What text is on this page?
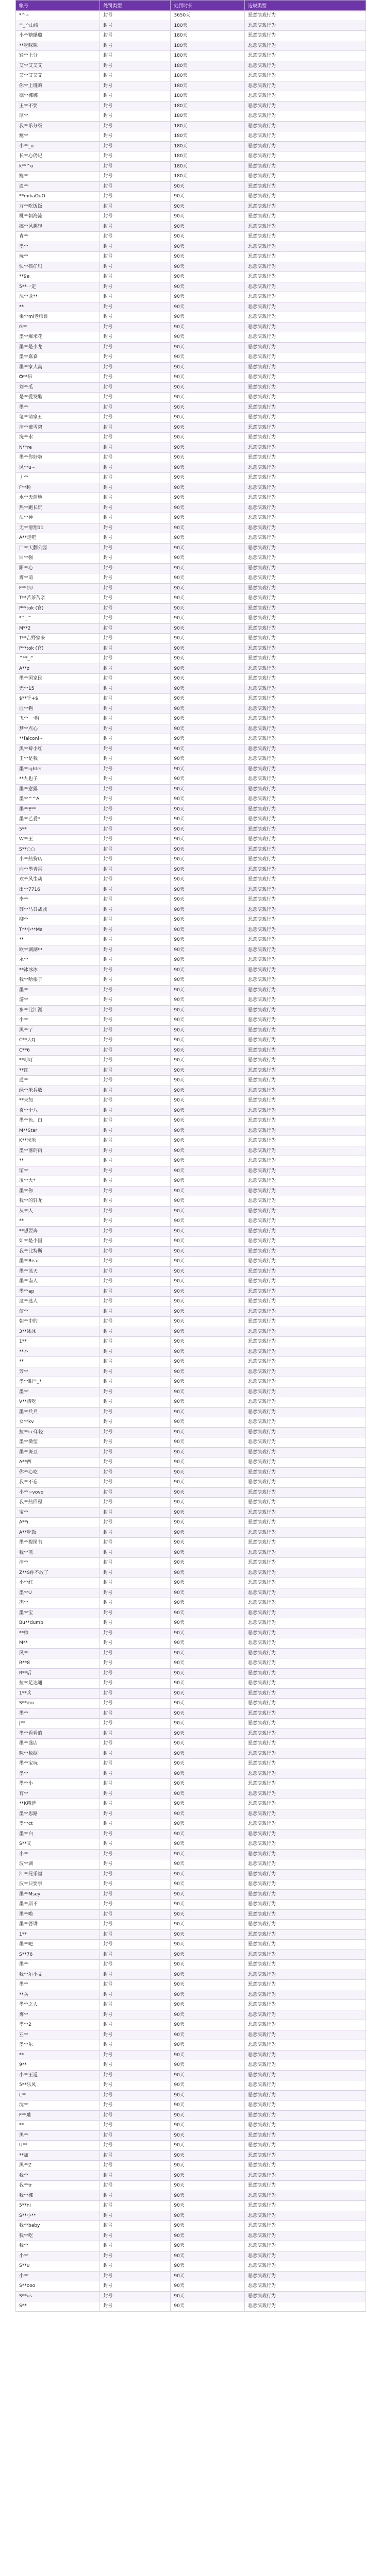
帐号	处罚类型	处罚时长	违规类型
*^∽	封号	3650天	恶意演戏行为
^_^山楂	封号	180天	恶意演戏行为
小**糖璐璐	封号	180天	恶意演戏行为
**吃咪咪	封号	180天	恶意演戏行为
轻**上分	封号	180天	恶意演戏行为
艾**艾艾艾	封号	180天	恶意演戏行为
艾**艾艾艾	封号	180天	恶意演戏行为
你**上班嘛	封号	180天	恶意演戏行为
德**娜娜	封号	180天	恶意演戏行为
王**不要	封号	180天	恶意演戏行为
厚**	封号	180天	恶意演戏行为
我**乐分级	封号	180天	恶意演戏行为
鲍**	封号	180天	恶意演戏行为
小**_o	封号	180天	恶意演戏行为
长**心仍记	封号	180天	恶意演戏行为
k**^o	封号	180天	恶意演戏行为
鲍**	封号	180天	恶意演戏行为
逍**	封号	90天	恶意演戏行为
**mikaOuO	封号	90天	恶意演戏行为
万**吃饭饭	封号	90天	恶意演戏行为
桃**朝海流	封号	90天	恶意演戏行为
搞**风趣轻	封号	90天	恶意演戏行为
青**	封号	90天	恶意演戏行为
墨**	封号	90天	恶意演戏行为
玩**	封号	90天	恶意演戏行为
快**孩仔玛	封号	90天	恶意演戏行为
**9e	封号	90天	恶意演戏行为
5**一定	封号	90天	恶意演戏行为
沈**龙**	封号	90天	恶意演戏行为
**	封号	90天	恶意演戏行为
果**mi老师哥	封号	90天	恶意演戏行为
G**	封号	90天	恶意演戏行为
墨**爆米花	封号	90天	恶意演戏行为
墨**是小龙	封号	90天	恶意演戏行为
墨**嘉嘉	封号	90天	恶意演戏行为
墨**家大高	封号	90天	恶意演戏行为
✪**吊	封号	90天	恶意演戏行为
刘**瓜	封号	90天	恶意演戏行为
是**爱发酷	封号	90天	恶意演戏行为
墨**	封号	90天	恶意演戏行为
笔**请家五	封号	90天	恶意演戏行为
清**破雪碧	封号	90天	恶意演戏行为
洗**水	封号	90天	恶意演戏行为
N**re	封号	90天	恶意演戏行为
墨**你好啦	封号	90天	恶意演戏行为
风**u~	封号	90天	恶意演戏行为
丿**	封号	90天	恶意演戏行为
F**睡	封号	90天	恶意演戏行为
水**天蓝地	封号	90天	恶意演戏行为
热**跑长玩	封号	90天	恶意演戏行为
法**神	封号	90天	恶意演戏行为
无**滑翔11	封号	90天	恶意演戏行为
A**走吧	封号	90天	恶意演戏行为
尸**天翻公园	封号	90天	恶意演戏行为
回**强	封号	90天	恶意演戏行为
阳**心	封号	90天	恶意演戏行为
雾**萌	封号	90天	恶意演戏行为
F**1U	封号	90天	恶意演戏行为
T**苦茶苦亲	封号	90天	恶意演戏行为
P**tok (官)	封号	90天	恶意演戏行为
*^_^	封号	90天	恶意演戏行为
M**2	封号	90天	恶意演戏行为
T**吉野家来	封号	90天	恶意演戏行为
P**tok (官)	封号	90天	恶意演戏行为
^**_^	封号	90天	恶意演戏行为
A**z	封号	90天	恶意演戏行为
墨**国家民	封号	90天	恶意演戏行为
光**15	封号	90天	恶意演戏行为
$**乎+$	封号	90天	恶意演戏行为
血**狗	封号	90天	恶意演戏行为
飞** 一帽	封号	90天	恶意演戏行为
梦**点心	封号	90天	恶意演戏行为
**faiconi~	封号	90天	恶意演戏行为
黑**莓小红	封号	90天	恶意演戏行为
王**是我	封号	90天	恶意演戏行为
墨**ighter	封号	90天	恶意演戏行为
**九也子	封号	90天	恶意演戏行为
墨**意露	封号	90天	恶意演戏行为
墨**^^A	封号	90天	恶意演戏行为
墨**E**	封号	90天	恶意演戏行为
墨**乙爱*	封号	90天	恶意演戏行为
5**	封号	90天	恶意演戏行为
W**王	封号	90天	恶意演戏行为
S**○○	封号	90天	恶意演戏行为
小**热狗店	封号	90天	恶意演戏行为
向**墨青雷	封号	90天	恶意演戏行为
欢**风生动	封号	90天	恶意演戏行为
出**7716	封号	90天	恶意演戏行为
李**	封号	90天	恶意演戏行为
苏**马日战城	封号	90天	恶意演戏行为
柳**	封号	90天	恶意演戏行为
T**小**Ma	封号	90天	恶意演戏行为
**	封号	90天	恶意演戏行为
欧**湖湖中	封号	90天	恶意演戏行为
永**	封号	90天	恶意演戏行为
**冰冰冰	封号	90天	恶意演戏行为
我**哈根子	封号	90天	恶意演戏行为
墨**	封号	90天	恶意演戏行为
游**	封号	90天	恶意演戏行为
参**比江湖	封号	90天	恶意演戏行为
小**	封号	90天	恶意演戏行为
黑**了	封号	90天	恶意演戏行为
C**大Q	封号	90天	恶意演戏行为
C**6	封号	90天	恶意演戏行为
**叮叮	封号	90天	恶意演戏行为
**红	封号	90天	恶意演戏行为
通**	封号	90天	恶意演戏行为
绿**米兵数	封号	90天	恶意演戏行为
**来加	封号	90天	恶意演戏行为
袁**十八	封号	90天	恶意演戏行为
墨**色、白	封号	90天	恶意演戏行为
M**Star	封号	90天	恶意演戏行为
K**米米	封号	90天	恶意演戏行为
墨**落的雨	封号	90天	恶意演戏行为
**	封号	90天	恶意演戏行为
馆**	封号	90天	恶意演戏行为
凌**大*	封号	90天	恶意演戏行为
墨**你	封号	90天	恶意演戏行为
我**的轩龙	封号	90天	恶意演戏行为
灰**人	封号	90天	恶意演戏行为
**	封号	90天	恶意演戏行为
**想要奔	封号	90天	恶意演戏行为
如**是小国	封号	90天	恶意演戏行为
我**比特斯	封号	90天	恶意演戏行为
墨**Bear	封号	90天	恶意演戏行为
墨**蓝天	封号	90天	恶意演戏行为
墨**南人	封号	90天	恶意演戏行为
墨**ap	封号	90天	恶意演戏行为
这**迷人	封号	90天	恶意演戏行为
信**	封号	90天	恶意演戏行为
朝**中的	封号	90天	恶意演戏行为
3**冰冰	封号	90天	恶意演戏行为
1**	封号	90天	恶意演戏行为
**ハ	封号	90天	恶意演戏行为
**	封号	90天	恶意演戏行为
芳**	封号	90天	恶意演戏行为
墨**眼^_*	封号	90天	恶意演戏行为
墨**	封号	90天	恶意演戏行为
V**请吃	封号	90天	恶意演戏行为
墨**兵兵	封号	90天	恶意演戏行为
女**kv	封号	90天	恶意演戏行为
拉**ce年轻	封号	90天	恶意演戏行为
墨**微型	封号	90天	恶意演戏行为
墨**斑豆	封号	90天	恶意演戏行为
A**西	封号	90天	恶意演戏行为
你**心吃	封号	90天	恶意演戏行为
我**不忘	封号	90天	恶意演戏行为
小**~vovo	封号	90天	恶意演戏行为
我**热回程	封号	90天	恶意演戏行为
宝**	封号	90天	恶意演戏行为
A**i	封号	90天	恶意演戏行为
A**吃饭	封号	90天	恶意演戏行为
墨**提图书	封号	90天	恶意演戏行为
我**蓝	封号	90天	恶意演戏行为
清**	封号	90天	恶意演戏行为
Z**S你不敢了	封号	90天	恶意演戏行为
小**红	封号	90天	恶意演戏行为
墨**U	封号	90天	恶意演戏行为
杰**	封号	90天	恶意演戏行为
墨**宝	封号	90天	恶意演戏行为
Bu**dumb	封号	90天	恶意演戏行为
**帅	封号	90天	恶意演戏行为
M**	封号	90天	恶意演戏行为
风**	封号	90天	恶意演戏行为
R**8	封号	90天	恶意演戏行为
R**后	封号	90天	恶意演戏行为
拉**足达通	封号	90天	恶意演戏行为
1**兵	封号	90天	恶意演戏行为
S**dnc	封号	90天	恶意演戏行为
墨**	封号	90天	恶意演戏行为
J**	封号	90天	恶意演戏行为
墨**看看的	封号	90天	恶意演戏行为
墨**盛店	封号	90天	恶意演戏行为
咪**数据	封号	90天	恶意演戏行为
墨**宝玩	封号	90天	恶意演戏行为
墨**	封号	90天	恶意演戏行为
墨**小	封号	90天	恶意演戏行为
有**	封号	90天	恶意演戏行为
**K精选	封号	90天	恶意演戏行为
墨**思路	封号	90天	恶意演戏行为
墨**ct	封号	90天	恶意演戏行为
墨**白	封号	90天	恶意演戏行为
S**又	封号	90天	恶意演戏行为
小**	封号	90天	恶意演戏行为
波**湖	封号	90天	恶意演戏行为
江**兄乐福	封号	90天	恶意演戏行为
波**只要事	封号	90天	恶意演戏行为
墨**Msey	封号	90天	恶意演戏行为
墨**斯不	封号	90天	恶意演戏行为
墨**啦	封号	90天	恶意演戏行为
墨**吾讲	封号	90天	恶意演戏行为
1**	封号	90天	恶意演戏行为
墨**吧	封号	90天	恶意演戏行为
S**76	封号	90天	恶意演戏行为
墨**	封号	90天	恶意演戏行为
我**尔小文	封号	90天	恶意演戏行为
墨**	封号	90天	恶意演戏行为
**兵	封号	90天	恶意演戏行为
墨**之人	封号	90天	恶意演戏行为
雾**	封号	90天	恶意演戏行为
墨**2	封号	90天	恶意演戏行为
亚**	封号	90天	恶意演戏行为
墨**乐	封号	90天	恶意演戏行为
**	封号	90天	恶意演戏行为
9**	封号	90天	恶意演戏行为
小**王道	封号	90天	恶意演戏行为
5**乐风	封号	90天	恶意演戏行为
L**	封号	90天	恶意演戏行为
沈**	封号	90天	恶意演戏行为
F**雕	封号	90天	恶意演戏行为
**	封号	90天	恶意演戏行为
黑**	封号	90天	恶意演戏行为
U**	封号	90天	恶意演戏行为
**加	封号	90天	恶意演戏行为
黑**Z	封号	90天	恶意演戏行为
我**	封号	90天	恶意演戏行为
我**tr	封号	90天	恶意演戏行为
我**娜	封号	90天	恶意演戏行为
5**ni	封号	90天	恶意演戏行为
S**小**	封号	90天	恶意演戏行为
我**baby	封号	90天	恶意演戏行为
我**吃	封号	90天	恶意演戏行为
我**	封号	90天	恶意演戏行为
小**	封号	90天	恶意演戏行为
S**u	封号	90天	恶意演戏行为
小**	封号	90天	恶意演戏行为
S**ooo	封号	90天	恶意演戏行为
S**us	封号	90天	恶意演戏行为
S**	封号	90天	恶意演戏行为
